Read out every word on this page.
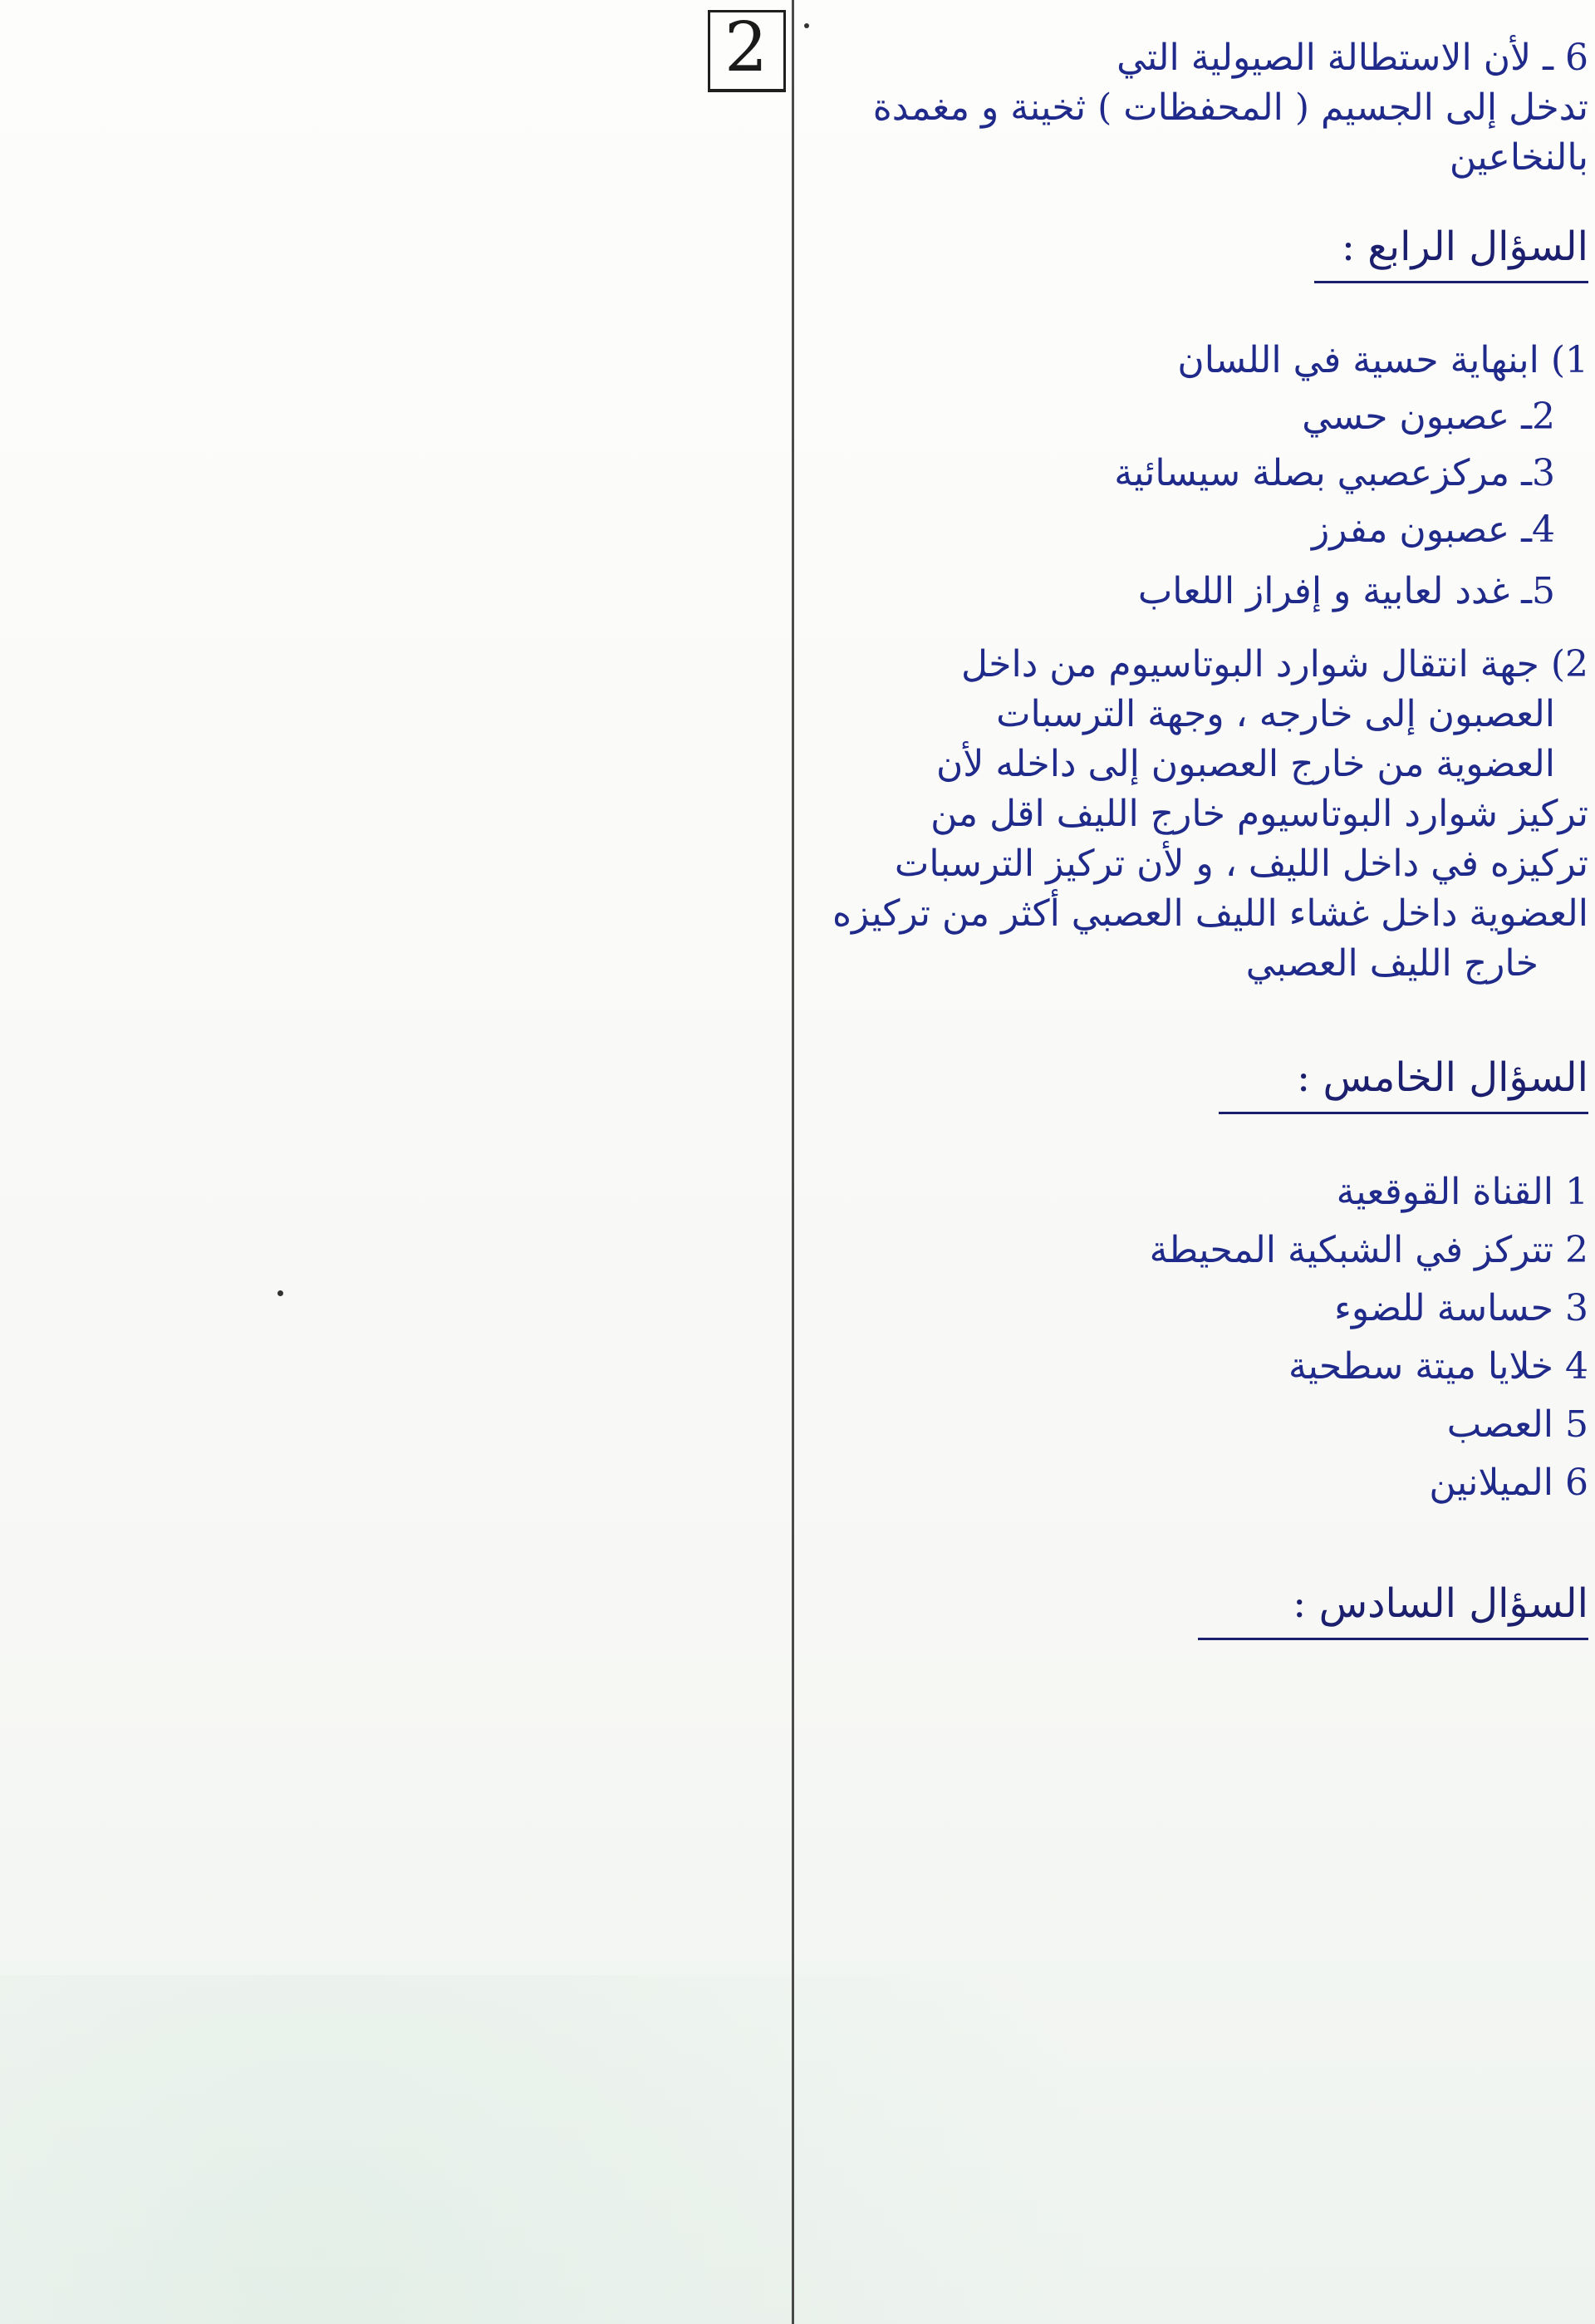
2	6 ـ لأن الاستطالة الصيولية التي
تدخل إلى الجسيم ( المحفظات ) ثخينة و مغمدة
بالنخاعين
السؤال الرابع :
1) ابنهاية حسية في اللسان
2ـ عصبون حسي
3ـ مركزعصبي بصلة سيسائية
4ـ عصبون مفرز
5ـ غدد لعابية و إفراز اللعاب
2) جهة انتقال شوارد البوتاسيوم من داخل
العصبون إلى خارجه ، وجهة الترسبات
العضوية من خارج العصبون إلى داخله لأن
تركيز شوارد البوتاسيوم خارج الليف اقل من
تركيزه في داخل الليف ، و لأن تركيز الترسبات
العضوية داخل غشاء الليف العصبي أكثر من تركيزه
خارج الليف العصبي
السؤال الخامس :
1 القناة القوقعية
2 تتركز في الشبكية المحيطة
3 حساسة للضوء
4 خلايا ميتة سطحية
5 العصب
6 الميلانين
السؤال السادس :
